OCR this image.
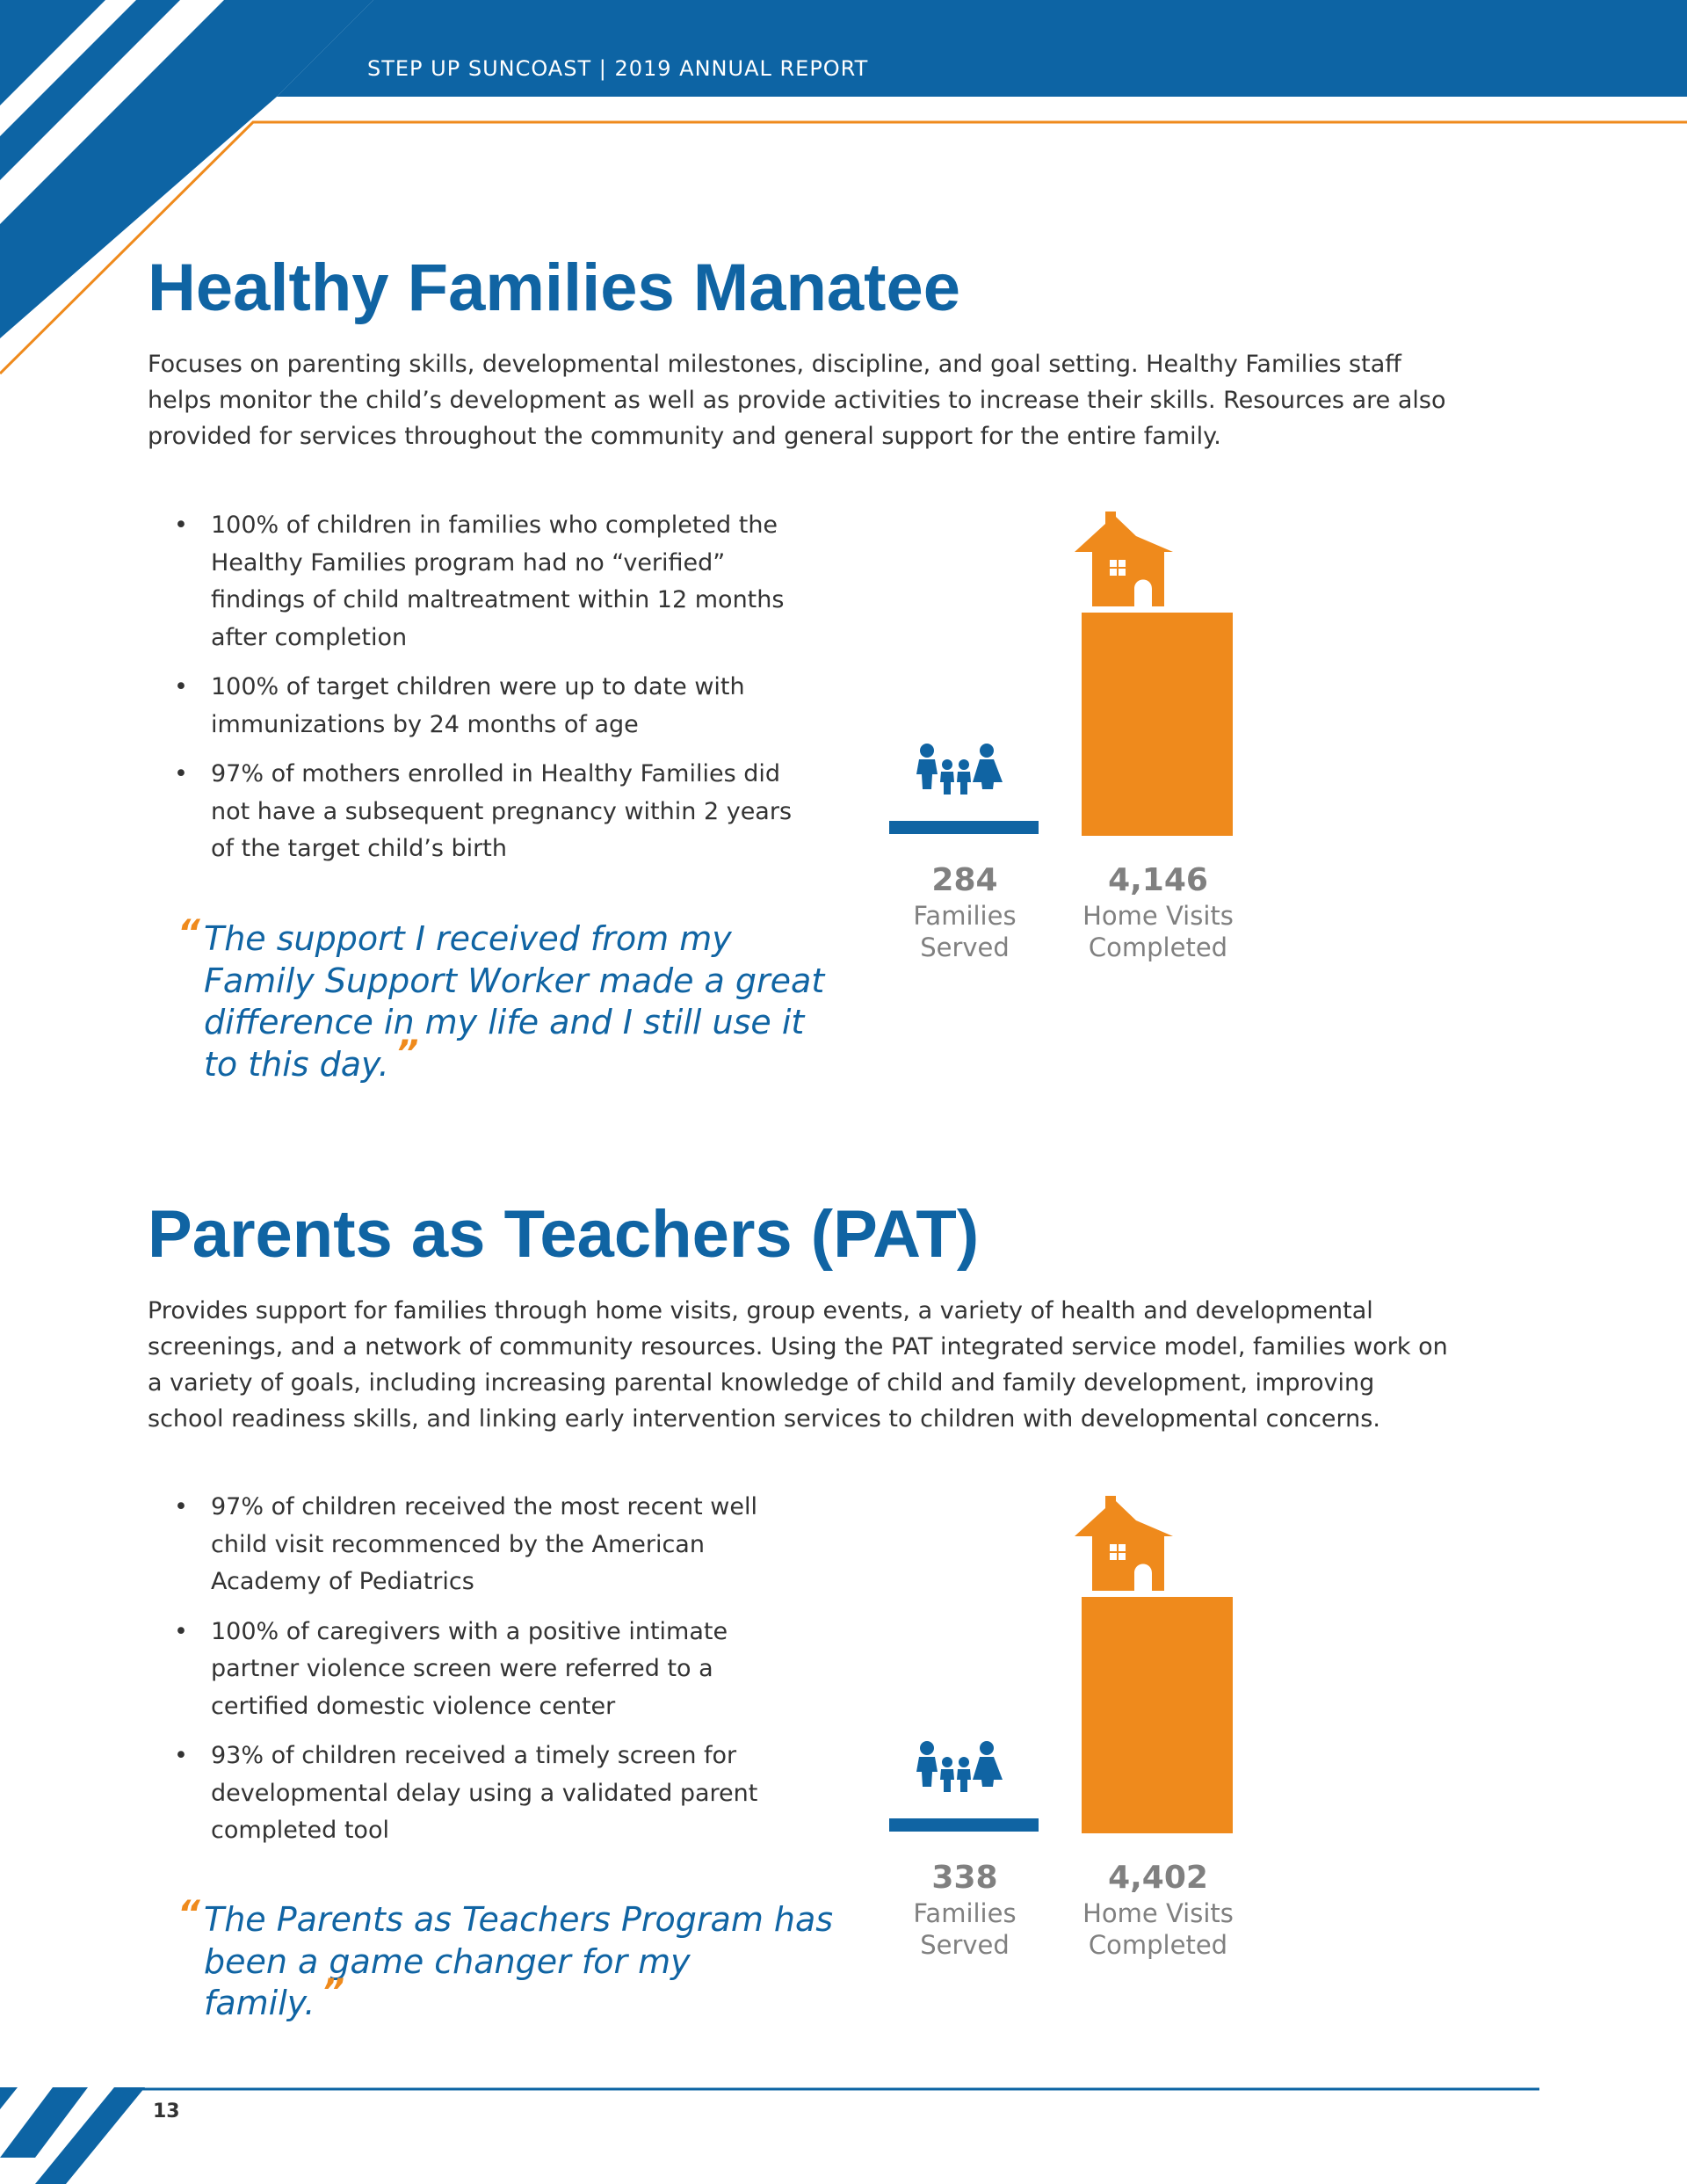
STEP UP SUNCOAST | 2019 ANNUAL REPORT
Healthy Families Manatee

Focuses on parenting skills, developmental milestones, discipline, and goal setting. Healthy Families staff helps monitor the child’s development as well as provide activities to increase their skills. Resources are also provided for services throughout the community and general support for the entire family.

• 100% of children in families who completed the Healthy Families program had no “verified” findings of child maltreatment within 12 months after completion
• 100% of target children were up to date with immunizations by 24 months of age
• 97% of mothers enrolled in Healthy Families did not have a subsequent pregnancy within 2 years of the target child’s birth
“ The support I received from my Family Support Worker made a great difference in my life and I still use it to this day. ”
284
Families Served
4,146
Home Visits Completed
Parents as Teachers (PAT)

Provides support for families through home visits, group events, a variety of health and developmental screenings, and a network of community resources. Using the PAT integrated service model, families work on a variety of goals, including increasing parental knowledge of child and family development, improving school readiness skills, and linking early intervention services to children with developmental concerns.

• 97% of children received the most recent well child visit recommenced by the American Academy of Pediatrics
• 100% of caregivers with a positive intimate partner violence screen were referred to a certified domestic violence center
• 93% of children received a timely screen for developmental delay using a validated parent completed tool
“ The Parents as Teachers Program has been a game changer for my family. ”
338
Families Served
4,402
Home Visits Completed
13
